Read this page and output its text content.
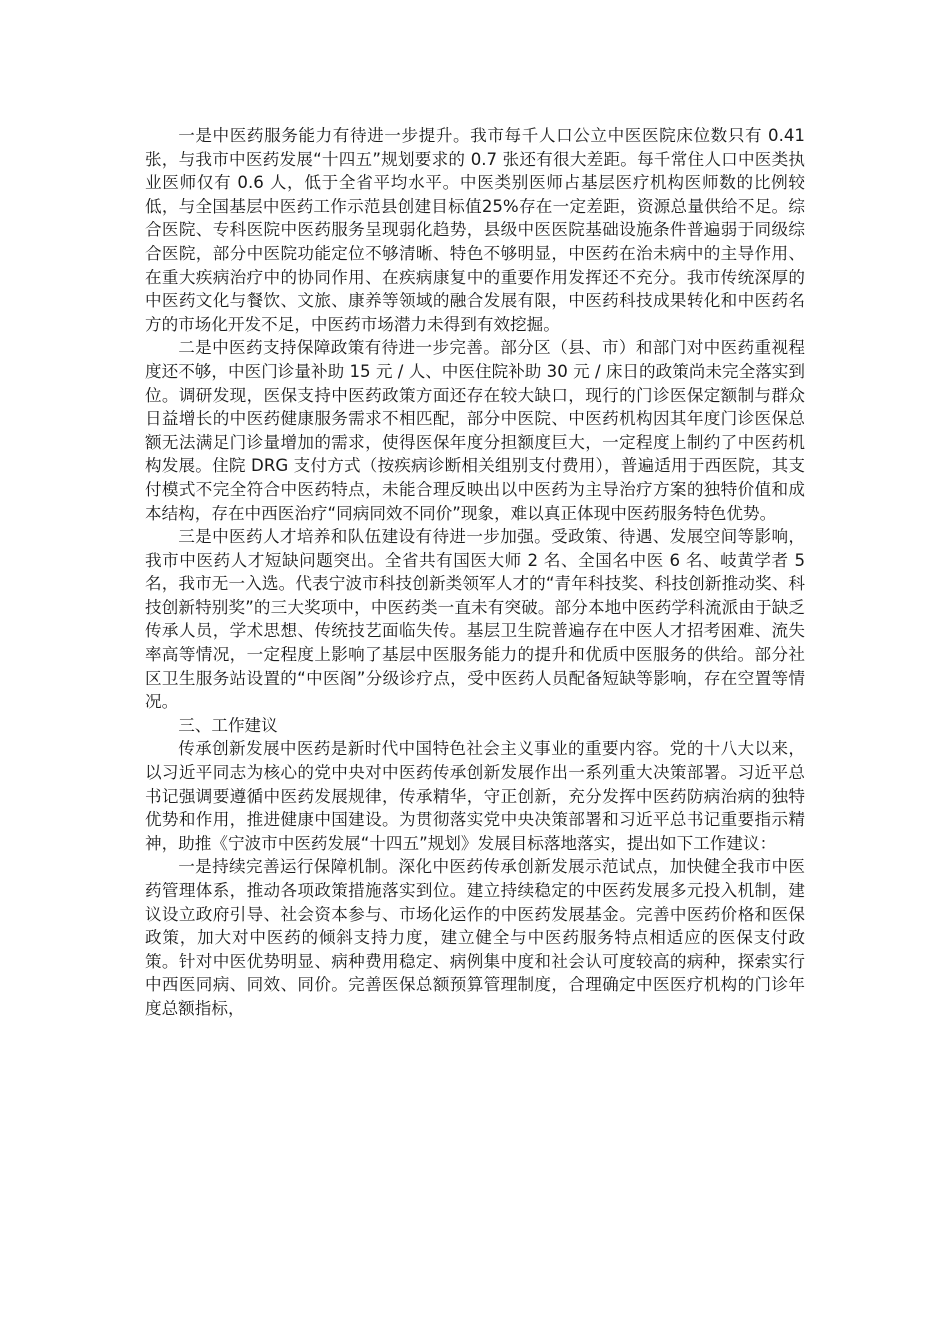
一是中医药服务能力有待进一步提升。我市每千人口公立中医医院床位数只有 0.41 张，与我市中医药发展“十四五”规划要求的 0.7 张还有很大差距。每千常住人口中医类执业医师仅有 0.6 人，低于全省平均水平。中医类别医师占基层医疗机构医师数的比例较低，与全国基层中医药工作示范县创建目标值25%存在一定差距，资源总量供给不足。综合医院、专科医院中医药服务呈现弱化趋势，县级中医医院基础设施条件普遍弱于同级综合医院，部分中医院功能定位不够清晰、特色不够明显，中医药在治未病中的主导作用、在重大疾病治疗中的协同作用、在疾病康复中的重要作用发挥还不充分。我市传统深厚的中医药文化与餐饮、文旅、康养等领域的融合发展有限，中医药科技成果转化和中医药名方的市场化开发不足，中医药市场潜力未得到有效挖掘。

二是中医药支持保障政策有待进一步完善。部分区（县、市）和部门对中医药重视程度还不够，中医门诊量补助 15 元 / 人、中医住院补助 30 元 / 床日的政策尚未完全落实到位。调研发现，医保支持中医药政策方面还存在较大缺口，现行的门诊医保定额制与群众日益增长的中医药健康服务需求不相匹配，部分中医院、中医药机构因其年度门诊医保总额无法满足门诊量增加的需求，使得医保年度分担额度巨大，一定程度上制约了中医药机构发展。住院 DRG 支付方式（按疾病诊断相关组别支付费用），普遍适用于西医院，其支付模式不完全符合中医药特点，未能合理反映出以中医药为主导治疗方案的独特价值和成本结构，存在中西医治疗“同病同效不同价”现象，难以真正体现中医药服务特色优势。

三是中医药人才培养和队伍建设有待进一步加强。受政策、待遇、发展空间等影响，我市中医药人才短缺问题突出。全省共有国医大师 2 名、全国名中医 6 名、岐黄学者 5 名，我市无一入选。代表宁波市科技创新类领军人才的“青年科技奖、科技创新推动奖、科技创新特别奖”的三大奖项中，中医药类一直未有突破。部分本地中医药学科流派由于缺乏传承人员，学术思想、传统技艺面临失传。基层卫生院普遍存在中医人才招考困难、流失率高等情况，一定程度上影响了基层中医服务能力的提升和优质中医服务的供给。部分社区卫生服务站设置的“中医阁”分级诊疗点，受中医药人员配备短缺等影响，存在空置等情况。

三、工作建议

传承创新发展中医药是新时代中国特色社会主义事业的重要内容。党的十八大以来，以习近平同志为核心的党中央对中医药传承创新发展作出一系列重大决策部署。习近平总书记强调要遵循中医药发展规律，传承精华，守正创新，充分发挥中医药防病治病的独特优势和作用，推进健康中国建设。为贯彻落实党中央决策部署和习近平总书记重要指示精神，助推《宁波市中医药发展“十四五”规划》发展目标落地落实，提出如下工作建议：

一是持续完善运行保障机制。深化中医药传承创新发展示范试点，加快健全我市中医药管理体系，推动各项政策措施落实到位。建立持续稳定的中医药发展多元投入机制，建议设立政府引导、社会资本参与、市场化运作的中医药发展基金。完善中医药价格和医保政策，加大对中医药的倾斜支持力度，建立健全与中医药服务特点相适应的医保支付政策。针对中医优势明显、病种费用稳定、病例集中度和社会认可度较高的病种，探索实行中西医同病、同效、同价。完善医保总额预算管理制度，合理确定中医医疗机构的门诊年度总额指标，
